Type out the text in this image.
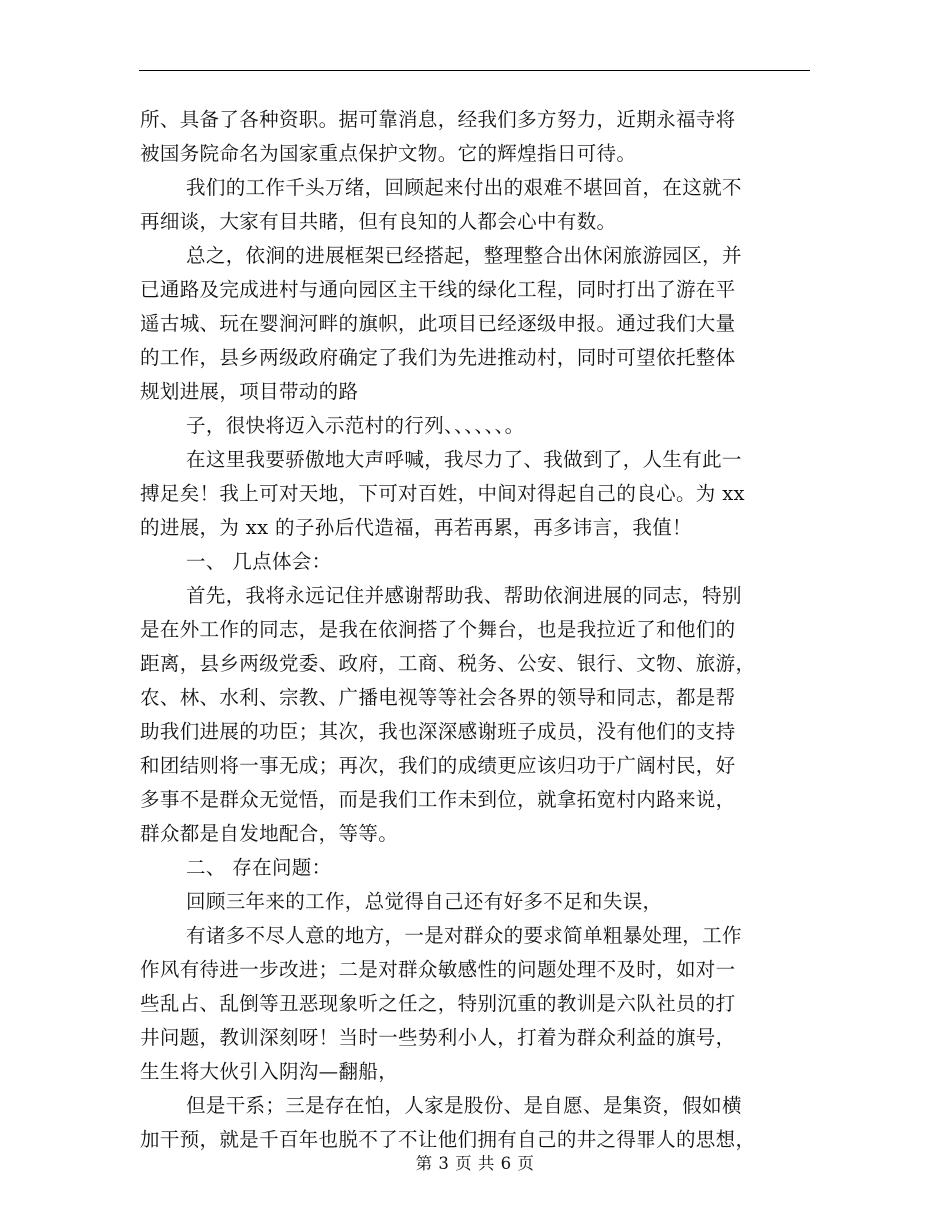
所、具备了各种资职。据可靠消息，经我们多方努力，近期永福寺将
被国务院命名为国家重点保护文物。它的辉煌指日可待。
我们的工作千头万绪，回顾起来付出的艰难不堪回首，在这就不
再细谈，大家有目共睹，但有良知的人都会心中有数。
总之，依涧的进展框架已经搭起，整理整合出休闲旅游园区，并
已通路及完成进村与通向园区主干线的绿化工程，同时打出了游在平
遥古城、玩在婴涧河畔的旗帜，此项目已经逐级申报。通过我们大量
的工作，县乡两级政府确定了我们为先进推动村，同时可望依托整体
规划进展，项目带动的路
子，很快将迈入示范村的行列、、、、、、。
在这里我要骄傲地大声呼喊，我尽力了、我做到了，人生有此一
搏足矣！我上可对天地，下可对百姓，中间对得起自己的良心。为 xx
的进展，为 xx 的子孙后代造福，再若再累，再多讳言，我值！
一、 几点体会：
首先，我将永远记住并感谢帮助我、帮助依涧进展的同志，特别
是在外工作的同志，是我在依涧搭了个舞台，也是我拉近了和他们的
距离，县乡两级党委、政府，工商、税务、公安、银行、文物、旅游，
农、林、水利、宗教、广播电视等等社会各界的领导和同志，都是帮
助我们进展的功臣；其次，我也深深感谢班子成员，没有他们的支持
和团结则将一事无成；再次，我们的成绩更应该归功于广阔村民，好
多事不是群众无觉悟，而是我们工作未到位，就拿拓宽村内路来说，
群众都是自发地配合，等等。
二、 存在问题：
回顾三年来的工作，总觉得自己还有好多不足和失误，
有诸多不尽人意的地方，一是对群众的要求简单粗暴处理，工作
作风有待进一步改进；二是对群众敏感性的问题处理不及时，如对一
些乱占、乱倒等丑恶现象听之任之，特别沉重的教训是六队社员的打
井问题，教训深刻呀！当时一些势利小人，打着为群众利益的旗号，
生生将大伙引入阴沟—翻船，
但是干系；三是存在怕，人家是股份、是自愿、是集资，假如横
加干预，就是千百年也脱不了不让他们拥有自己的井之得罪人的思想，
第 3 页 共 6 页
